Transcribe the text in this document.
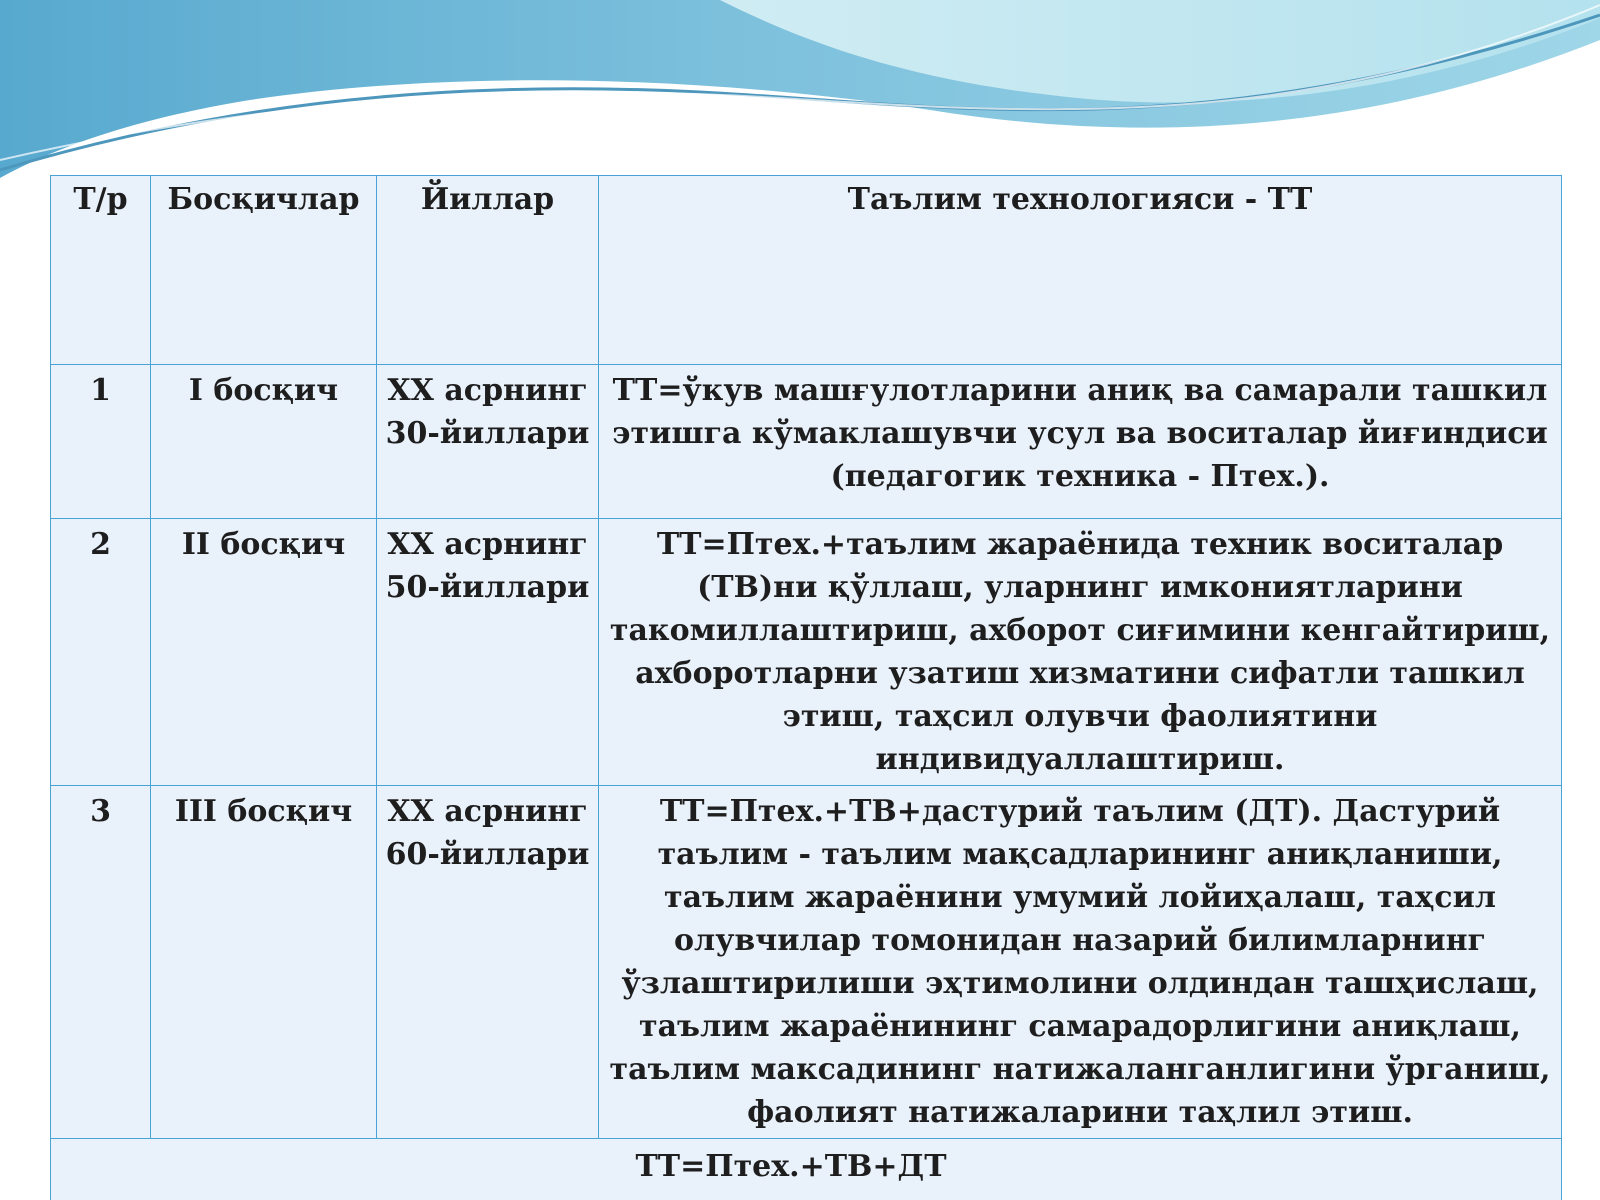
Т/р	Босқичлар	Йиллар	Таълим технологияси - ТТ
1	I босқич	XX асрнинг 30-йиллари	ТТ=ўкув машғулотларини аниқ ва самарали ташкил этишга кўмаклашувчи усул ва воситалар йиғиндиси (педагогик техника - Птех.).
2	II босқич	XX асрнинг 50-йиллари	ТТ=Птех.+таълим жараёнида техник воситалар (ТВ)ни қўллаш, уларнинг имкониятларини такомиллаштириш, ахборот сиғимини кенгайтириш, ахборотларни узатиш хизматини сифатли ташкил этиш, таҳсил олувчи фаолиятини индивидуаллаштириш.
3	III босқич	XX асрнинг 60-йиллари	ТТ=Птех.+ТВ+дастурий таълим (ДТ). Дастурий таълим - таълим мақсадларининг аниқланиши, таълим жараёнини умумий лойиҳалаш, таҳсил олувчилар томонидан назарий билимларнинг ўзлаштирилиши эҳтимолини олдиндан ташҳислаш, таълим жараёнининг самарадорлигини аниқлаш, таълим максадининг натижаланганлигини ўрганиш, фаолият натижаларини таҳлил этиш.
ТТ=Птех.+ТВ+ДТ			
